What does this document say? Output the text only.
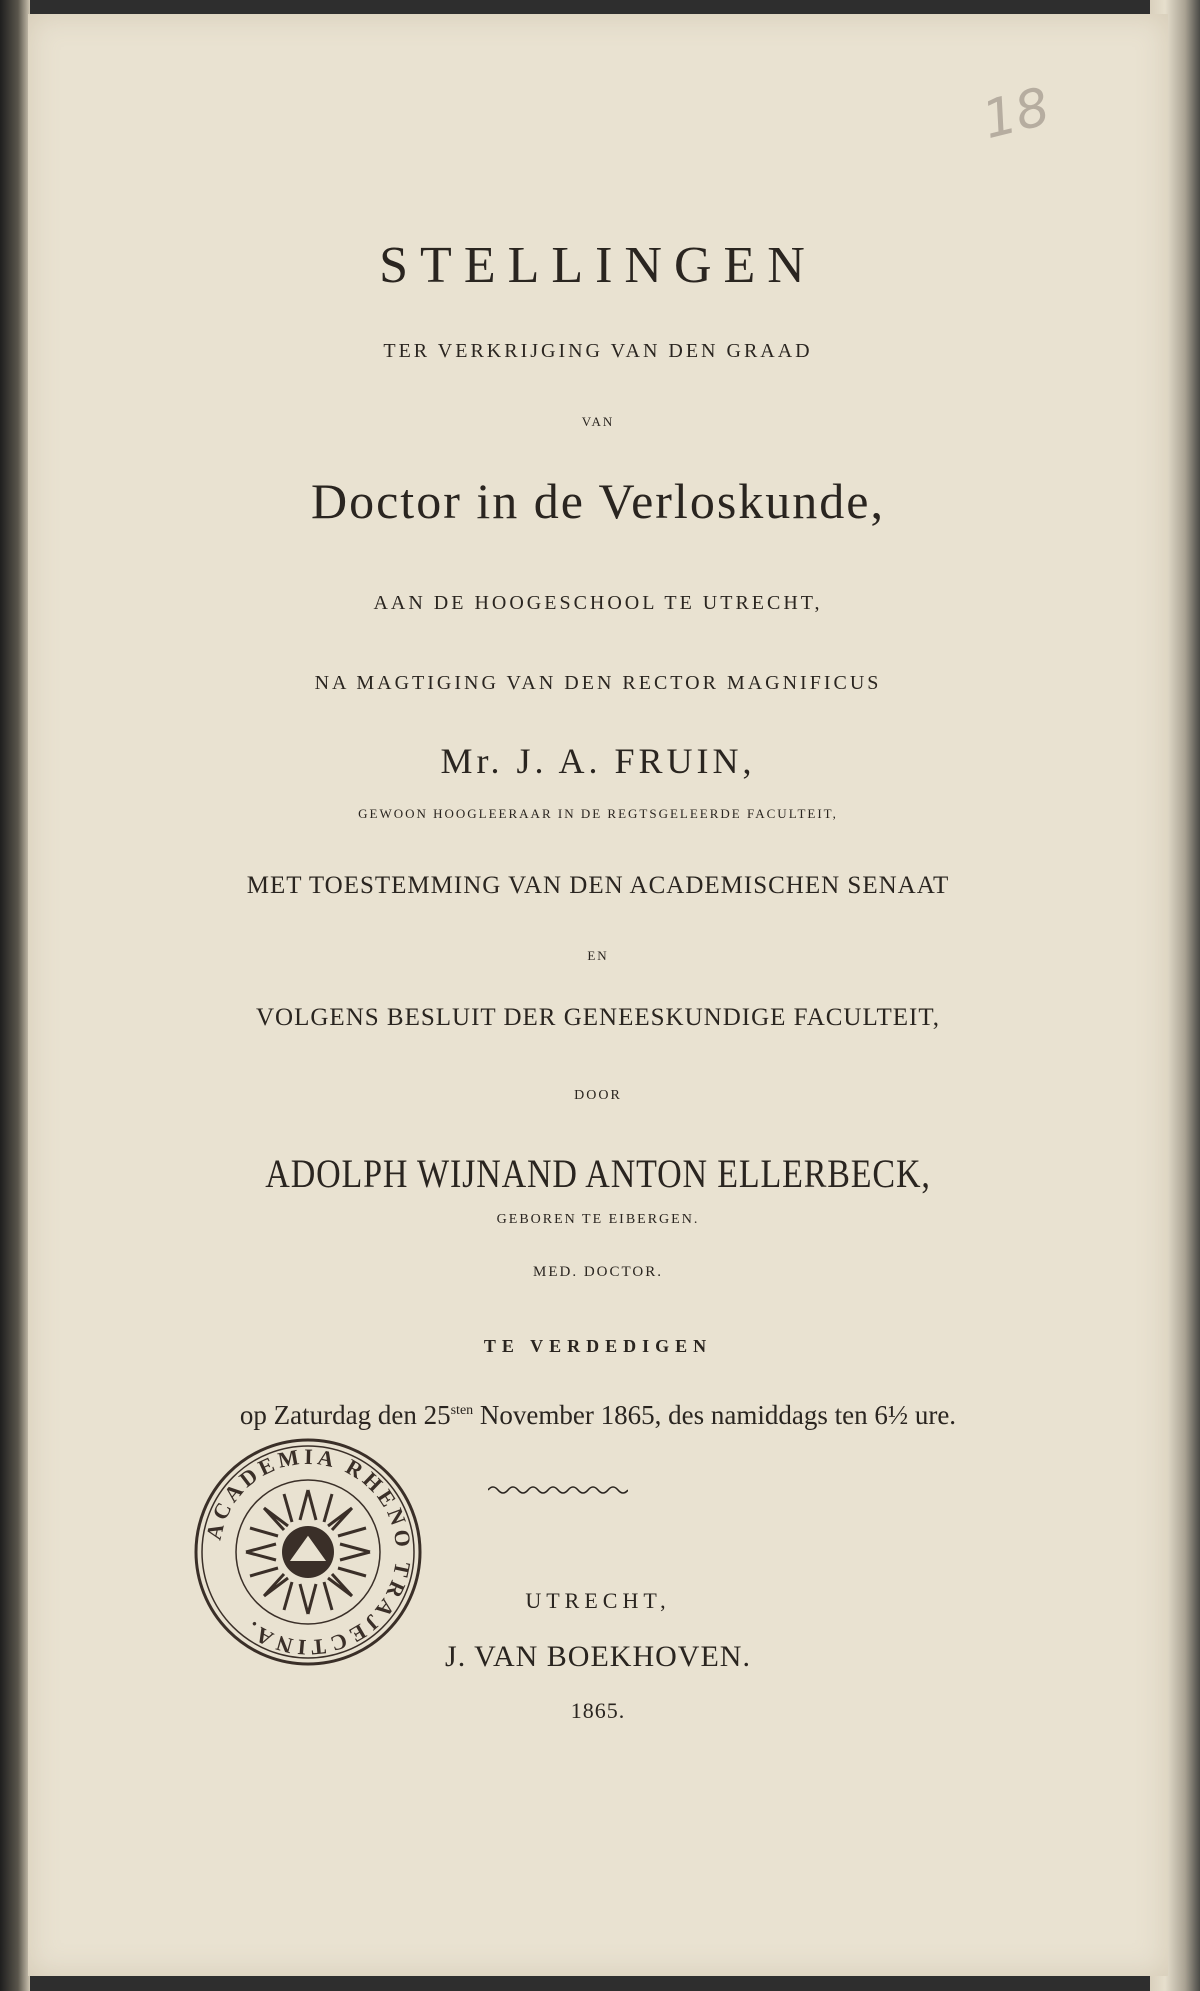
18
STELLINGEN
TER VERKRIJGING VAN DEN GRAAD
VAN
Doctor in de Verloskunde,
AAN DE HOOGESCHOOL TE UTRECHT,
NA MAGTIGING VAN DEN RECTOR MAGNIFICUS
Mr. J. A. FRUIN,
GEWOON HOOGLEERAAR IN DE REGTSGELEERDE FACULTEIT,
MET TOESTEMMING VAN DEN ACADEMISCHEN SENAAT
EN
VOLGENS BESLUIT DER GENEESKUNDIGE FACULTEIT,
DOOR
ADOLPH WIJNAND ANTON ELLERBECK,
GEBOREN TE EIBERGEN.
MED. DOCTOR.
TE VERDEDIGEN
op Zaturdag den $25^{sten}$ November 1865, des namiddags ten 6½ ure.
UTRECHT,
J. VAN BOEKHOVEN.
1865.
ACADEMIA RHENO TRAJECTINA.
